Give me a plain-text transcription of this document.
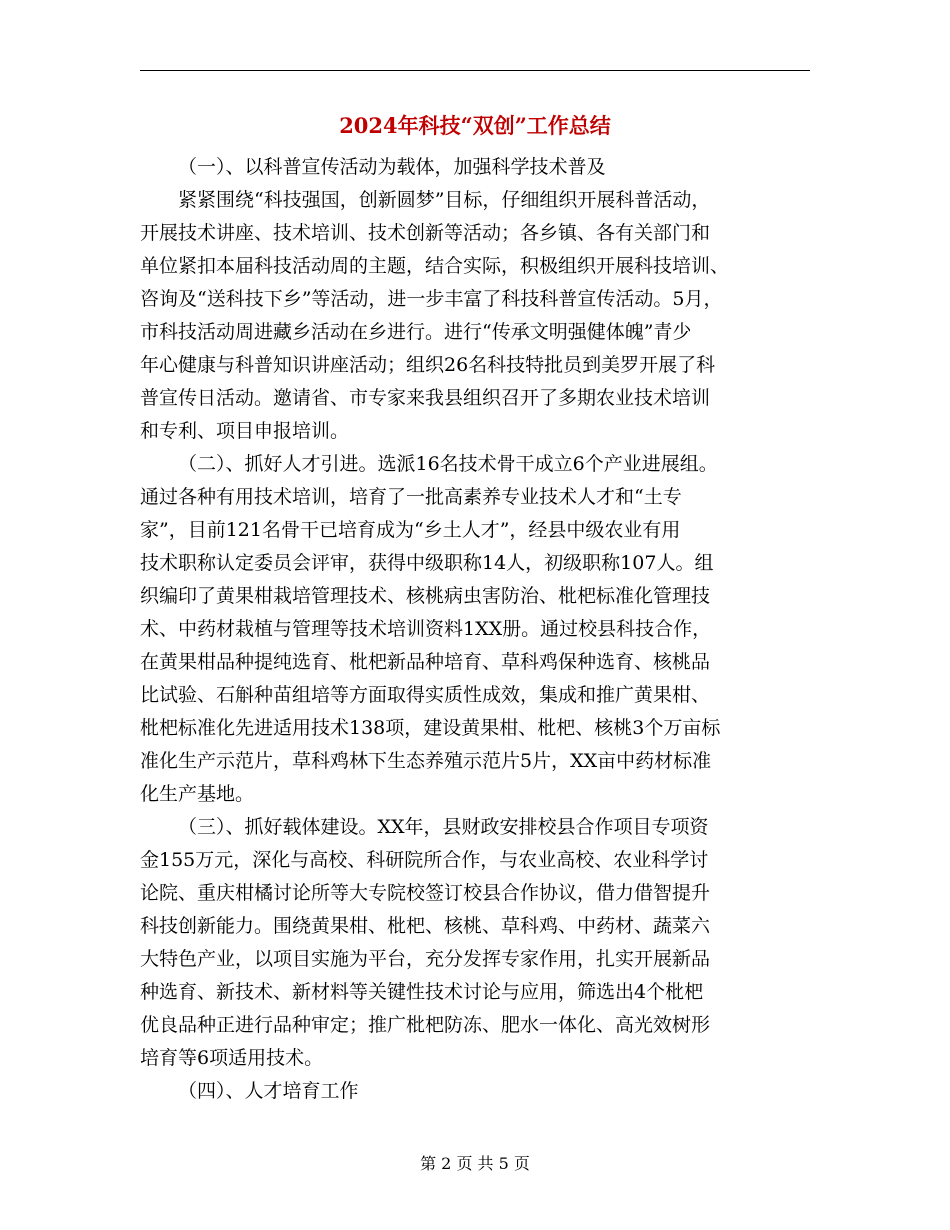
2024年科技“双创”工作总结
（一）、以科普宣传活动为载体，加强科学技术普及
紧紧围绕“科技强国，创新圆梦”目标，仔细组织开展科普活动，
开展技术讲座、技术培训、技术创新等活动；各乡镇、各有关部门和
单位紧扣本届科技活动周的主题，结合实际，积极组织开展科技培训、
咨询及“送科技下乡”等活动，进一步丰富了科技科普宣传活动。5月，
市科技活动周进藏乡活动在乡进行。进行“传承文明强健体魄”青少
年心健康与科普知识讲座活动；组织26名科技特批员到美罗开展了科
普宣传日活动。邀请省、市专家来我县组织召开了多期农业技术培训
和专利、项目申报培训。
（二）、抓好人才引进。选派16名技术骨干成立6个产业进展组。
通过各种有用技术培训，培育了一批高素养专业技术人才和“土专
家”，目前121名骨干已培育成为“乡土人才”，经县中级农业有用
技术职称认定委员会评审，获得中级职称14人，初级职称107人。组
织编印了黄果柑栽培管理技术、核桃病虫害防治、枇杷标准化管理技
术、中药材栽植与管理等技术培训资料1XX册。通过校县科技合作，
在黄果柑品种提纯选育、枇杷新品种培育、草科鸡保种选育、核桃品
比试验、石斛种苗组培等方面取得实质性成效，集成和推广黄果柑、
枇杷标准化先进适用技术138项，建设黄果柑、枇杷、核桃3个万亩标
准化生产示范片，草科鸡林下生态养殖示范片5片，XX亩中药材标准
化生产基地。
（三）、抓好载体建设。XX年，县财政安排校县合作项目专项资
金155万元，深化与高校、科研院所合作，与农业高校、农业科学讨
论院、重庆柑橘讨论所等大专院校签订校县合作协议，借力借智提升
科技创新能力。围绕黄果柑、枇杷、核桃、草科鸡、中药材、蔬菜六
大特色产业，以项目实施为平台，充分发挥专家作用，扎实开展新品
种选育、新技术、新材料等关键性技术讨论与应用，筛选出4个枇杷
优良品种正进行品种审定；推广枇杷防冻、肥水一体化、高光效树形
培育等6项适用技术。
（四）、人才培育工作
第 2 页 共 5 页
